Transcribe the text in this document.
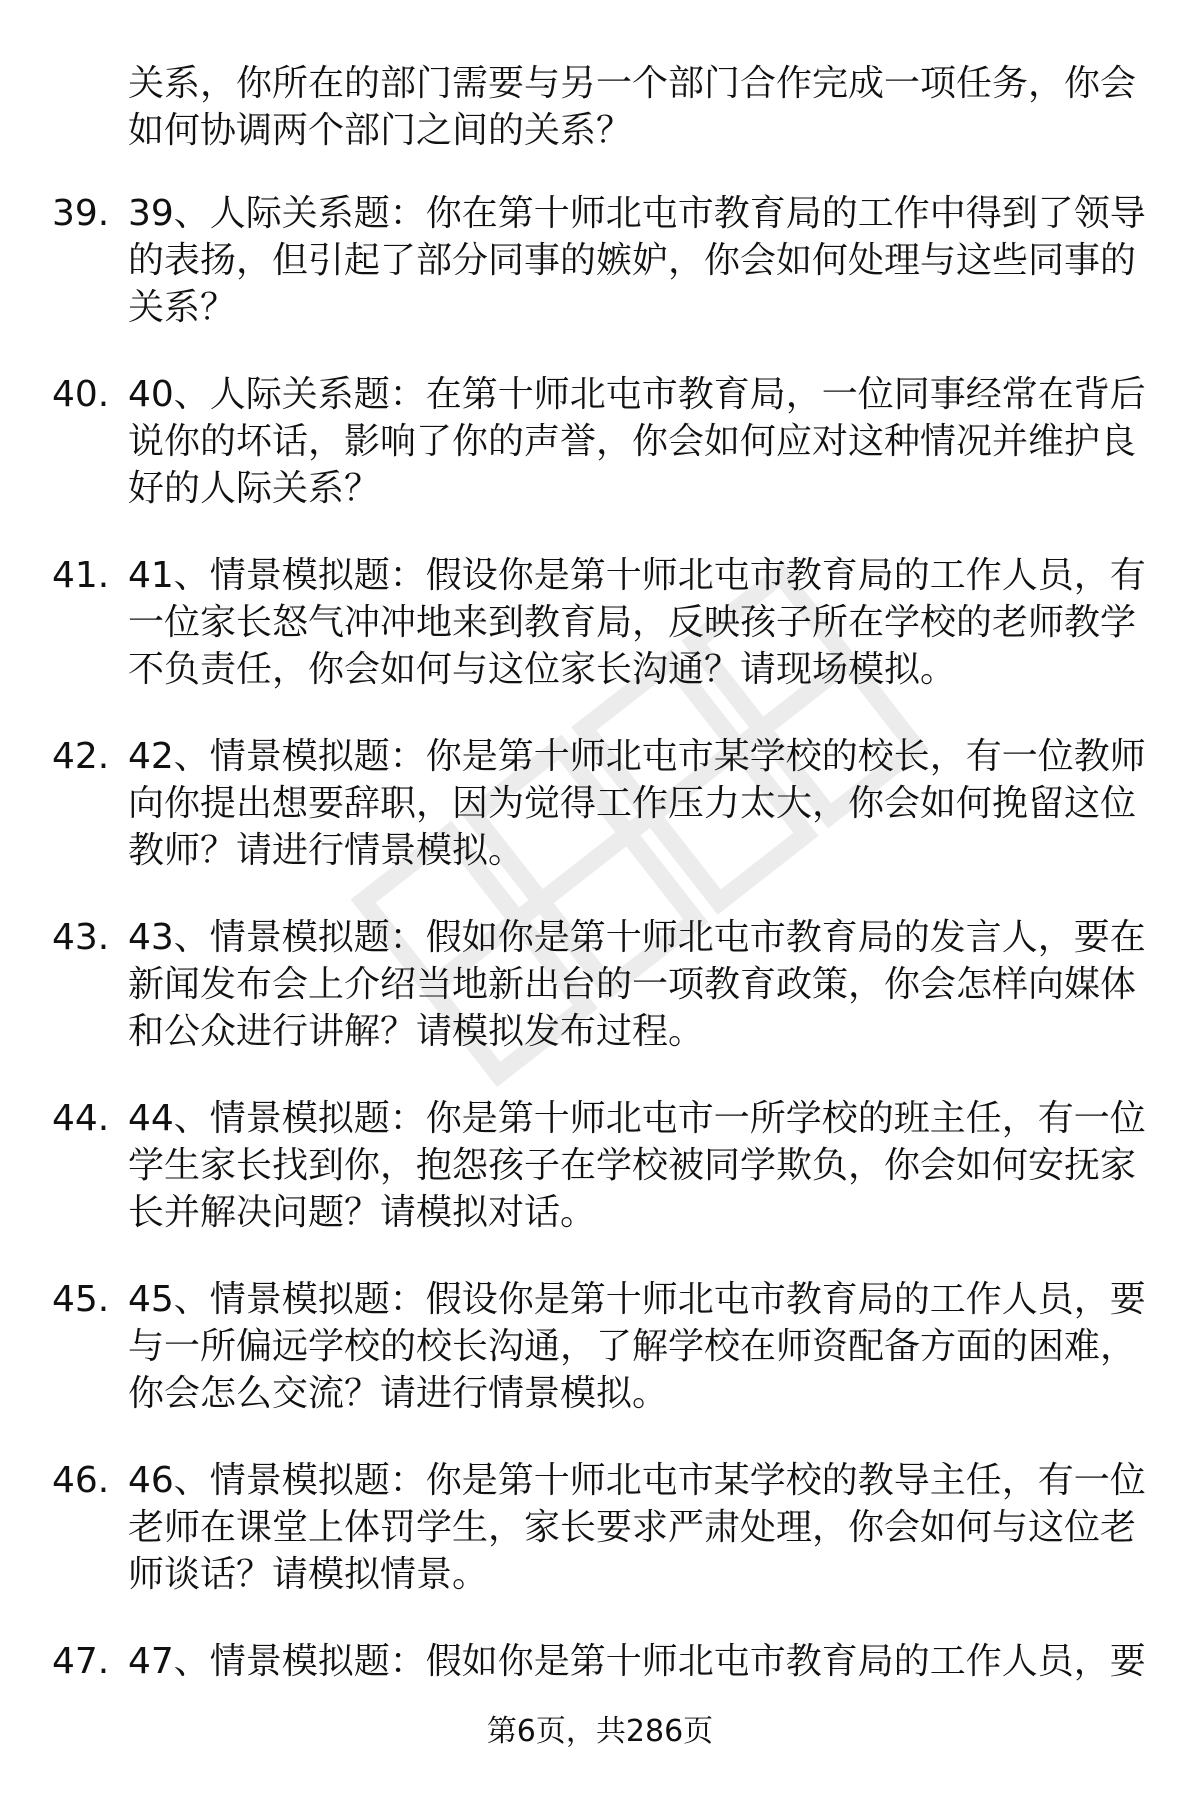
关系，你所在的部门需要与另一个部门合作完成一项任务，你会如何协调两个部门之间的关系？
39. 39、人际关系题：你在第十师北屯市教育局的工作中得到了领导的表扬，但引起了部分同事的嫉妒，你会如何处理与这些同事的关系？
40. 40、人际关系题：在第十师北屯市教育局，一位同事经常在背后说你的坏话，影响了你的声誉，你会如何应对这种情况并维护良好的人际关系？
41. 41、情景模拟题：假设你是第十师北屯市教育局的工作人员，有一位家长怒气冲冲地来到教育局，反映孩子所在学校的老师教学不负责任，你会如何与这位家长沟通？请现场模拟。
42. 42、情景模拟题：你是第十师北屯市某学校的校长，有一位教师向你提出想要辞职，因为觉得工作压力太大，你会如何挽留这位教师？请进行情景模拟。
43. 43、情景模拟题：假如你是第十师北屯市教育局的发言人，要在新闻发布会上介绍当地新出台的一项教育政策，你会怎样向媒体和公众进行讲解？请模拟发布过程。
44. 44、情景模拟题：你是第十师北屯市一所学校的班主任，有一位学生家长找到你，抱怨孩子在学校被同学欺负，你会如何安抚家长并解决问题？请模拟对话。
45. 45、情景模拟题：假设你是第十师北屯市教育局的工作人员，要与一所偏远学校的校长沟通，了解学校在师资配备方面的困难，你会怎么交流？请进行情景模拟。
46. 46、情景模拟题：你是第十师北屯市某学校的教导主任，有一位老师在课堂上体罚学生，家长要求严肃处理，你会如何与这位老师谈话？请模拟情景。
47. 47、情景模拟题：假如你是第十师北屯市教育局的工作人员，要
第6页，共286页
